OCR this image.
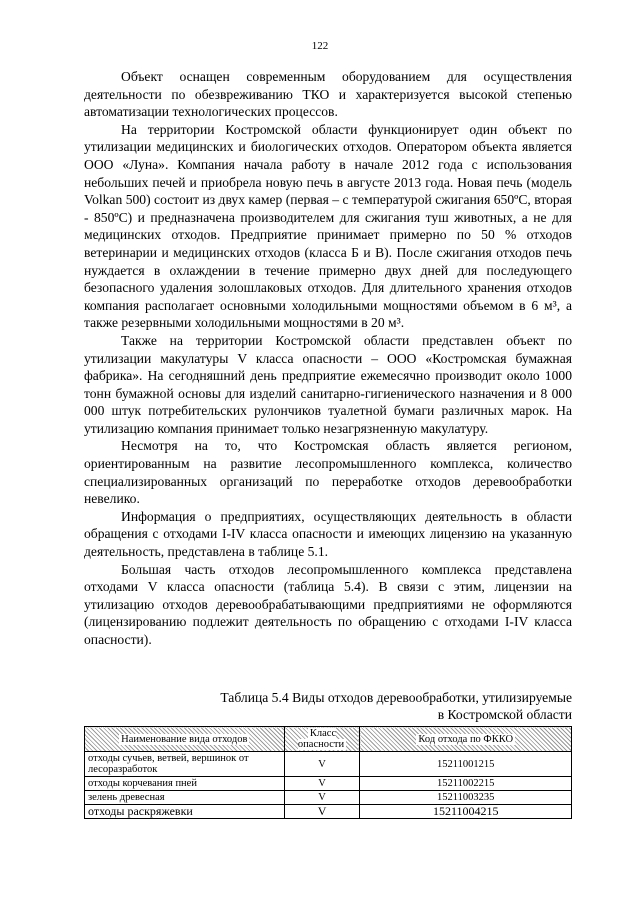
122

Объект оснащен современным оборудованием для осуществления деятельности по обезвреживанию ТКО и характеризуется высокой степенью автоматизации технологических процессов.

На территории Костромской области функционирует один объект по утилизации медицинских и биологических отходов. Оператором объекта является ООО «Луна». Компания начала работу в начале 2012 года с использования небольших печей и приобрела новую печь в августе 2013 года. Новая печь (модель Volkan 500) состоит из двух камер (первая – с температурой сжигания 650ºС, вторая - 850ºС) и предназначена производителем для сжигания туш животных, а не для медицинских отходов. Предприятие принимает примерно по 50 % отходов ветеринарии и медицинских отходов (класса Б и В). После сжигания отходов печь нуждается в охлаждении в течение примерно двух дней для последующего безопасного удаления золошлаковых отходов. Для длительного хранения отходов компания располагает основными холодильными мощностями объемом в 6 м³, а также резервными холодильными мощностями в 20 м³.

Также на территории Костромской области представлен объект по утилизации макулатуры V класса опасности – ООО «Костромская бумажная фабрика». На сегодняшний день предприятие ежемесячно производит около 1000 тонн бумажной основы для изделий санитарно-гигиенического назначения и 8 000 000 штук потребительских рулончиков туалетной бумаги различных марок. На утилизацию компания принимает только незагрязненную макулатуру.

Несмотря на то, что Костромская область является регионом, ориентированным на развитие лесопромышленного комплекса, количество специализированных организаций по переработке отходов деревообработки невелико.

Информация о предприятиях, осуществляющих деятельность в области обращения с отходами I-IV класса опасности и имеющих лицензию на указанную деятельность, представлена в таблице 5.1.

Большая часть отходов лесопромышленного комплекса представлена отходами V класса опасности (таблица 5.4). В связи с этим, лицензии на утилизацию отходов деревообрабатывающими предприятиями не оформляются (лицензированию подлежит деятельность по обращению с отходами I-IV класса опасности).

Таблица 5.4 Виды отходов деревообработки, утилизируемые
в Костромской области
Наименование вида отходов	Класс опасности	Код отхода по ФККО
отходы сучьев, ветвей, вершинок от лесоразработок	V	15211001215
отходы корчевания пней	V	15211002215
зелень древесная	V	15211003235
отходы раскряжевки	V	15211004215
